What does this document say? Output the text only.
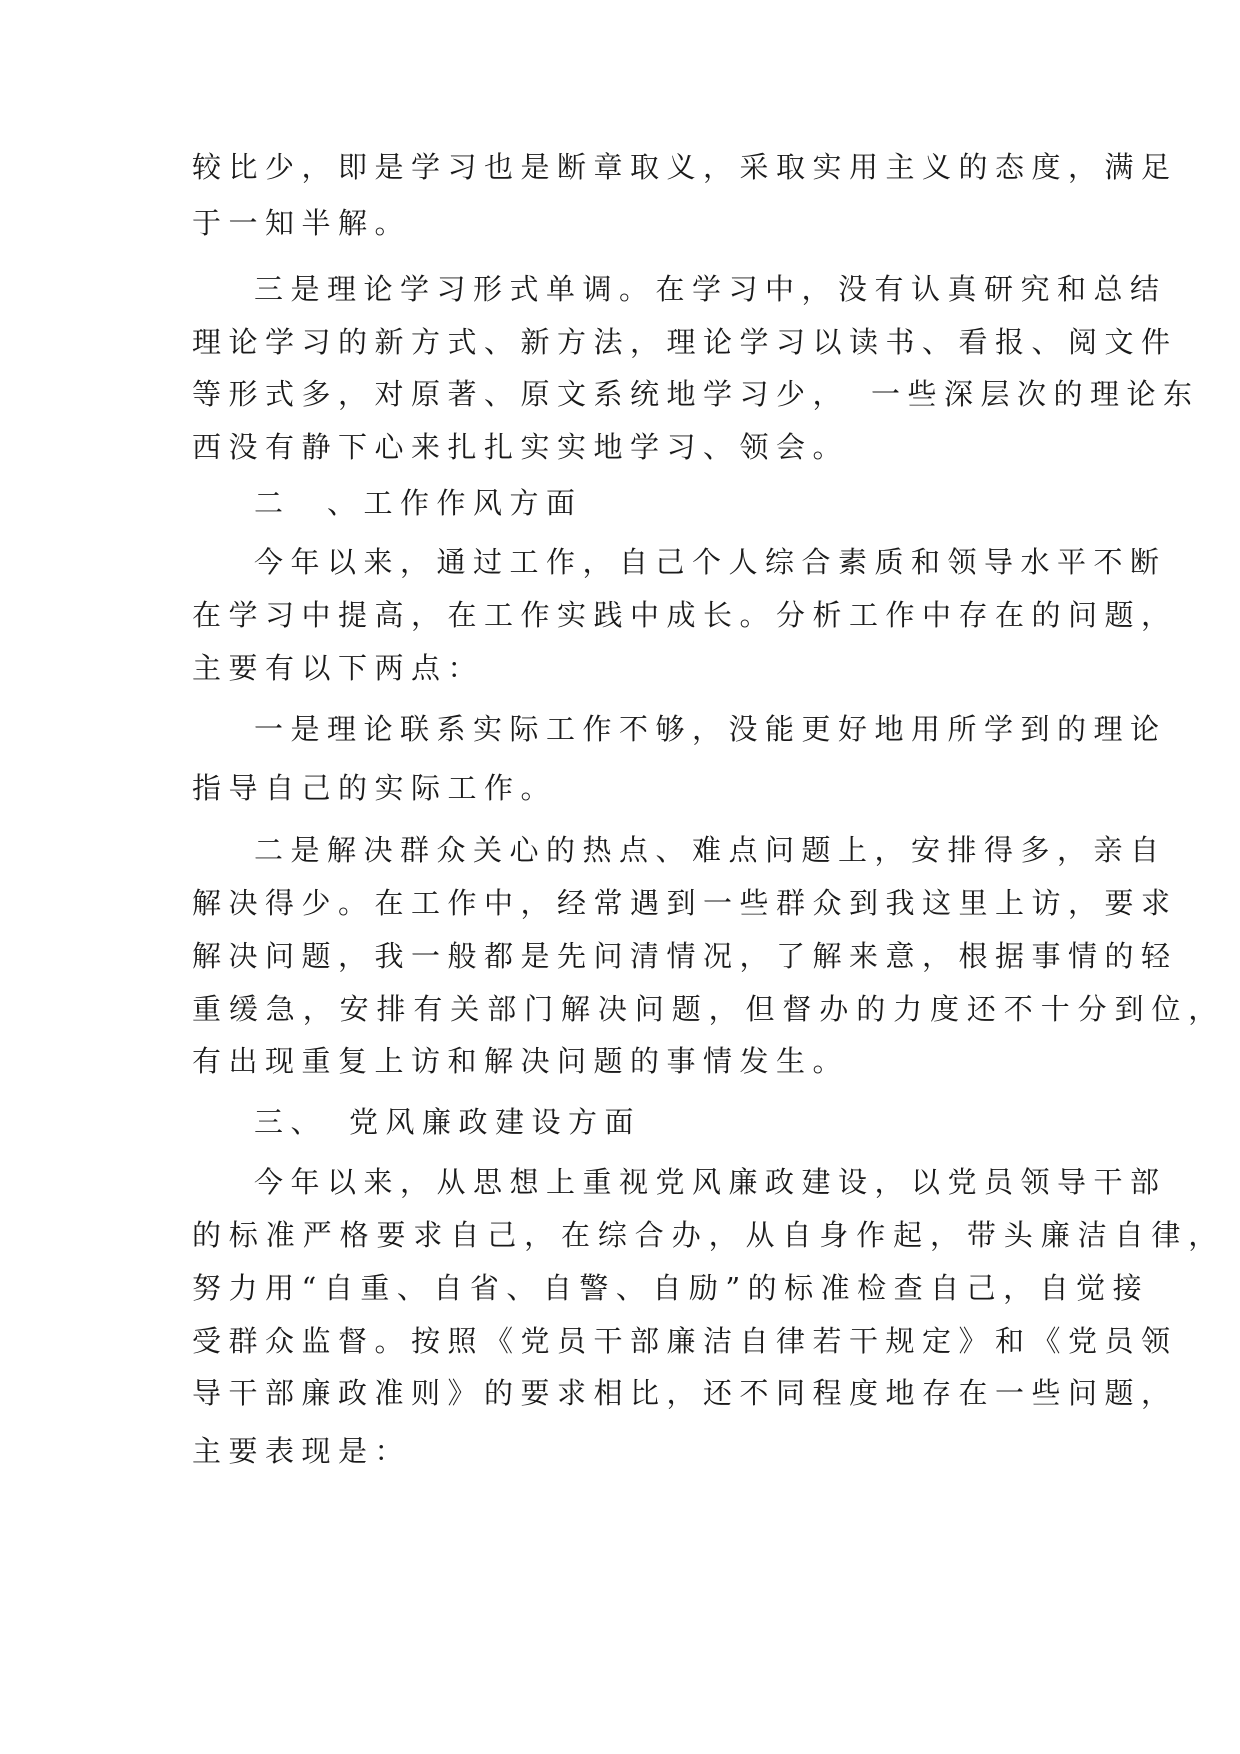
较比少，即是学习也是断章取义，采取实用主义的态度，满足
于一知半解。
三是理论学习形式单调。在学习中，没有认真研究和总结
理论学习的新方式、新方法，理论学习以读书、看报、阅文件
等形式多，对原著、原文系统地学习少，　一些深层次的理论东
西没有静下心来扎扎实实地学习、领会。
二　、工作作风方面
今年以来，通过工作，自己个人综合素质和领导水平不断
在学习中提高，在工作实践中成长。分析工作中存在的问题，
主要有以下两点：
一是理论联系实际工作不够，没能更好地用所学到的理论
指导自己的实际工作。
二是解决群众关心的热点、难点问题上，安排得多，亲自
解决得少。在工作中，经常遇到一些群众到我这里上访，要求
解决问题，我一般都是先问清情况，了解来意，根据事情的轻
重缓急，安排有关部门解决问题，但督办的力度还不十分到位，
有出现重复上访和解决问题的事情发生。
三、　党风廉政建设方面
今年以来，从思想上重视党风廉政建设，以党员领导干部
的标准严格要求自己，在综合办，从自身作起，带头廉洁自律，
努力用“自重、自省、自警、自励”的标准检查自己，自觉接
受群众监督。按照《党员干部廉洁自律若干规定》和《党员领
导干部廉政准则》的要求相比，还不同程度地存在一些问题，
主要表现是：
